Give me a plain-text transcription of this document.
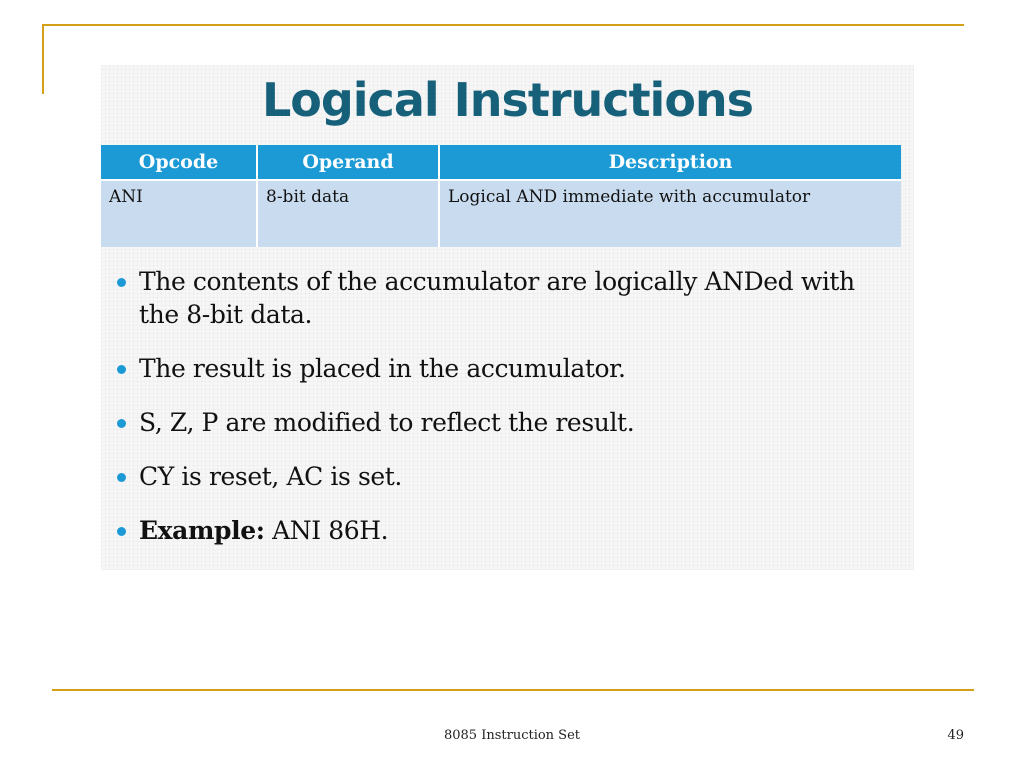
Logical Instructions
Opcode	Operand	Description
ANI	8-bit data	Logical AND immediate with accumulator
The contents of the accumulator are logically ANDed with the 8-bit data.
The result is placed in the accumulator.
S, Z, P are modified to reflect the result.
CY is reset, AC is set.
Example: ANI 86H.
8085 Instruction Set	49
